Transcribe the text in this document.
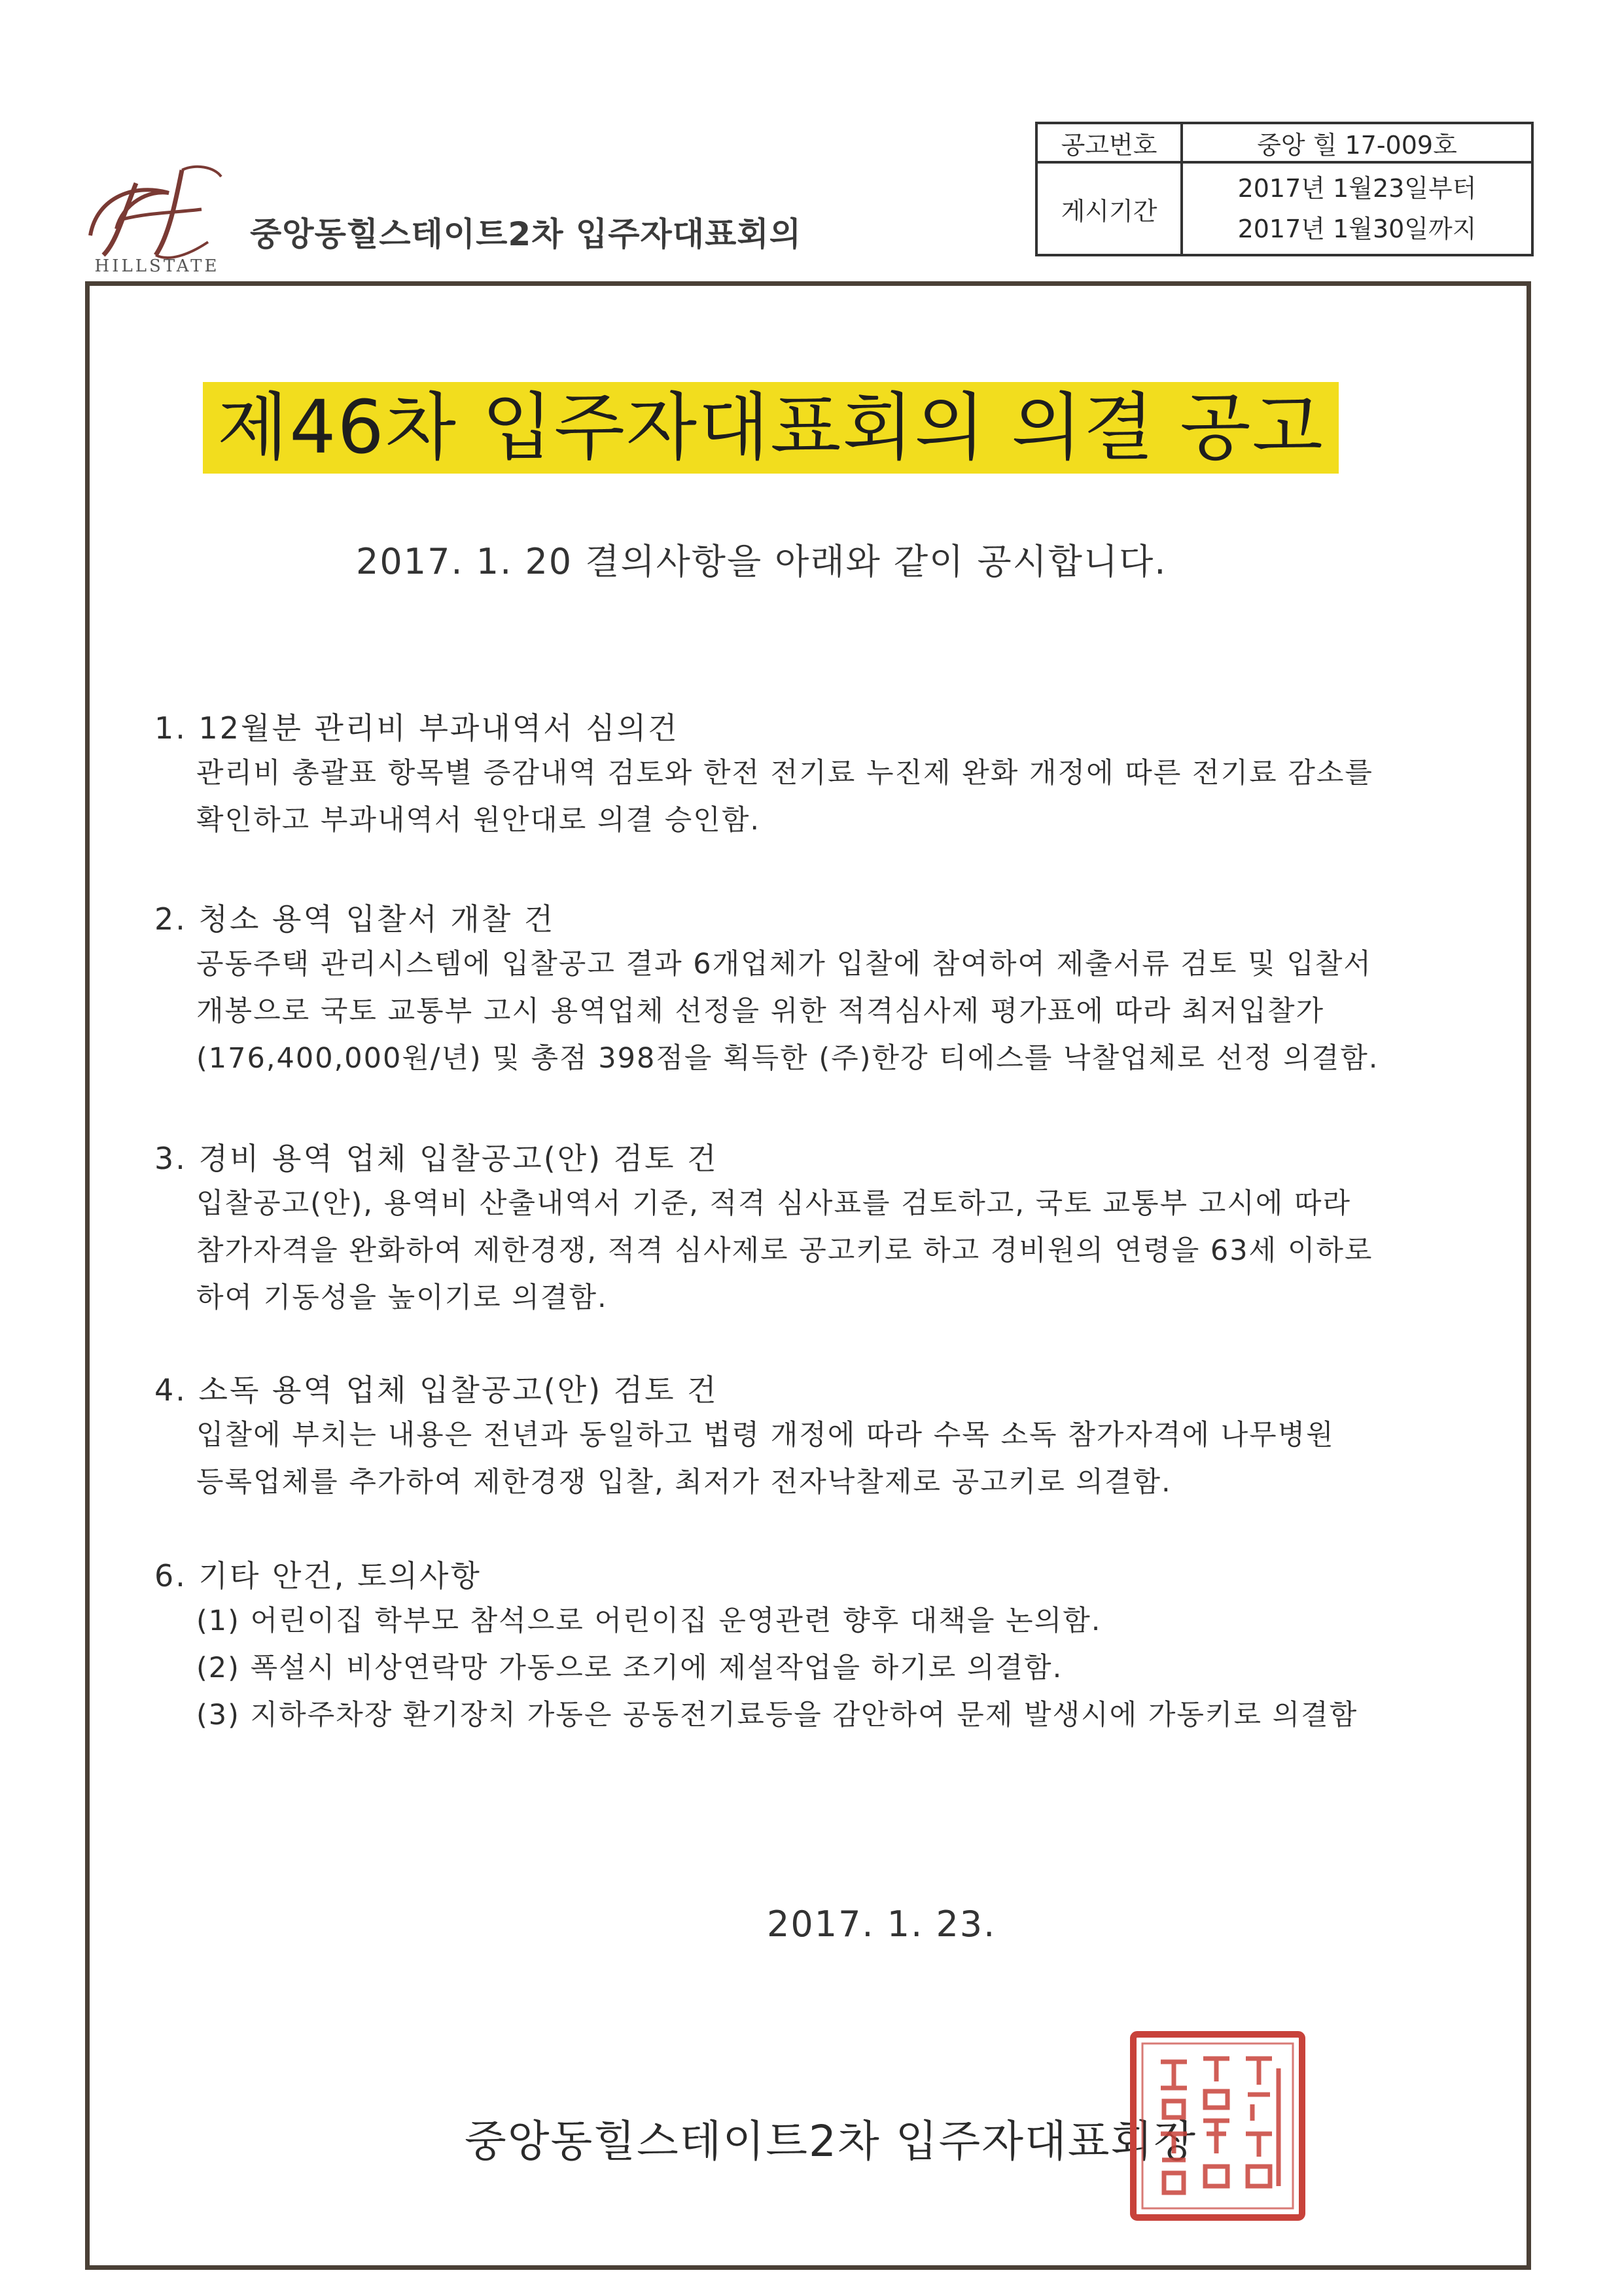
HILLSTATE
중앙동힐스테이트2차 입주자대표회의
공고번호	중앙 힐 17-009호
게시기간	2017년 1월23일부터
2017년 1월30일까지
제46차 입주자대표회의 의결 공고
2017. 1. 20 결의사항을 아래와 같이 공시합니다.
1. 12월분 관리비 부과내역서 심의건
관리비 총괄표 항목별 증감내역 검토와 한전 전기료 누진제 완화 개정에 따른 전기료 감소를
확인하고 부과내역서 원안대로 의결 승인함.
2. 청소 용역 입찰서 개찰 건
공동주택 관리시스템에 입찰공고 결과 6개업체가 입찰에 참여하여 제출서류 검토 및 입찰서
개봉으로 국토 교통부 고시 용역업체 선정을 위한 적격심사제 평가표에 따라 최저입찰가
(176,400,000원/년) 및 총점 398점을 획득한 (주)한강 티에스를 낙찰업체로 선정 의결함.
3. 경비 용역 업체 입찰공고(안) 검토 건
입찰공고(안), 용역비 산출내역서 기준, 적격 심사표를 검토하고, 국토 교통부 고시에 따라
참가자격을 완화하여 제한경쟁, 적격 심사제로 공고키로 하고 경비원의 연령을 63세 이하로
하여 기동성을 높이기로 의결함.
4. 소독 용역 업체 입찰공고(안) 검토 건
입찰에 부치는 내용은 전년과 동일하고 법령 개정에 따라 수목 소독 참가자격에 나무병원
등록업체를 추가하여 제한경쟁 입찰, 최저가 전자낙찰제로 공고키로 의결함.
6. 기타 안건, 토의사항
(1) 어린이집 학부모 참석으로 어린이집 운영관련 향후 대책을 논의함.
(2) 폭설시 비상연락망 가동으로 조기에 제설작업을 하기로 의결함.
(3) 지하주차장 환기장치 가동은 공동전기료등을 감안하여 문제 발생시에 가동키로 의결함
2017. 1. 23.
중앙동힐스테이트2차 입주자대표회장
